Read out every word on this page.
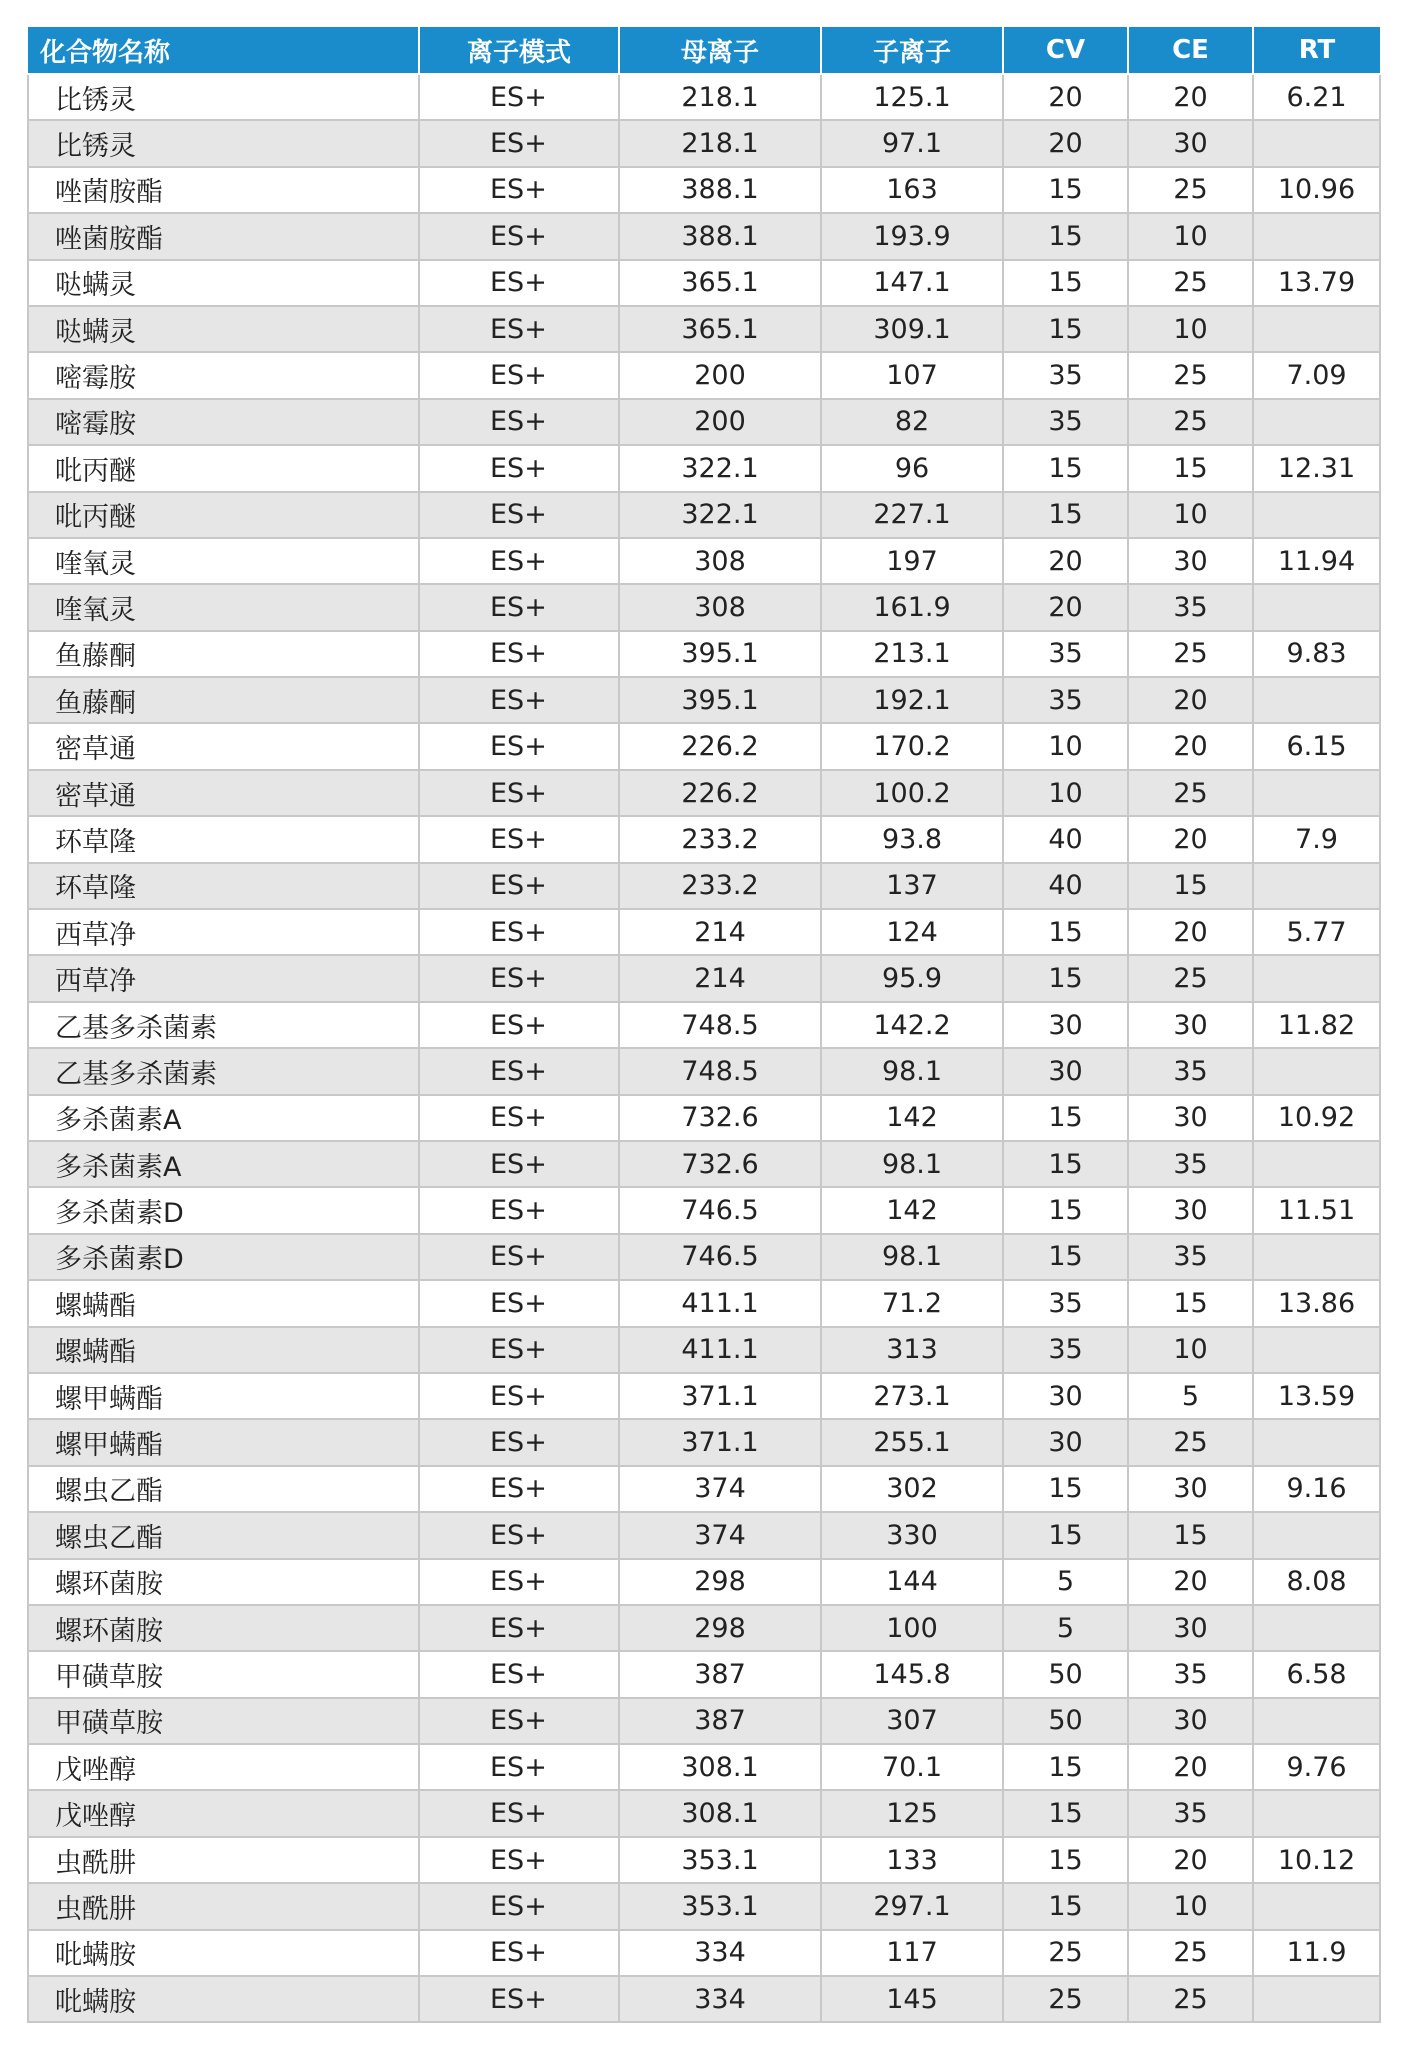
化合物名称	离子模式	母离子	子离子	CV	CE	RT
比锈灵	ES+	218.1	125.1	20	20	6.21
比锈灵	ES+	218.1	97.1	20	30	
唑菌胺酯	ES+	388.1	163	15	25	10.96
唑菌胺酯	ES+	388.1	193.9	15	10	
哒螨灵	ES+	365.1	147.1	15	25	13.79
哒螨灵	ES+	365.1	309.1	15	10	
嘧霉胺	ES+	200	107	35	25	7.09
嘧霉胺	ES+	200	82	35	25	
吡丙醚	ES+	322.1	96	15	15	12.31
吡丙醚	ES+	322.1	227.1	15	10	
喹氧灵	ES+	308	197	20	30	11.94
喹氧灵	ES+	308	161.9	20	35	
鱼藤酮	ES+	395.1	213.1	35	25	9.83
鱼藤酮	ES+	395.1	192.1	35	20	
密草通	ES+	226.2	170.2	10	20	6.15
密草通	ES+	226.2	100.2	10	25	
环草隆	ES+	233.2	93.8	40	20	7.9
环草隆	ES+	233.2	137	40	15	
西草净	ES+	214	124	15	20	5.77
西草净	ES+	214	95.9	15	25	
乙基多杀菌素	ES+	748.5	142.2	30	30	11.82
乙基多杀菌素	ES+	748.5	98.1	30	35	
多杀菌素A	ES+	732.6	142	15	30	10.92
多杀菌素A	ES+	732.6	98.1	15	35	
多杀菌素D	ES+	746.5	142	15	30	11.51
多杀菌素D	ES+	746.5	98.1	15	35	
螺螨酯	ES+	411.1	71.2	35	15	13.86
螺螨酯	ES+	411.1	313	35	10	
螺甲螨酯	ES+	371.1	273.1	30	5	13.59
螺甲螨酯	ES+	371.1	255.1	30	25	
螺虫乙酯	ES+	374	302	15	30	9.16
螺虫乙酯	ES+	374	330	15	15	
螺环菌胺	ES+	298	144	5	20	8.08
螺环菌胺	ES+	298	100	5	30	
甲磺草胺	ES+	387	145.8	50	35	6.58
甲磺草胺	ES+	387	307	50	30	
戊唑醇	ES+	308.1	70.1	15	20	9.76
戊唑醇	ES+	308.1	125	15	35	
虫酰肼	ES+	353.1	133	15	20	10.12
虫酰肼	ES+	353.1	297.1	15	10	
吡螨胺	ES+	334	117	25	25	11.9
吡螨胺	ES+	334	145	25	25	
